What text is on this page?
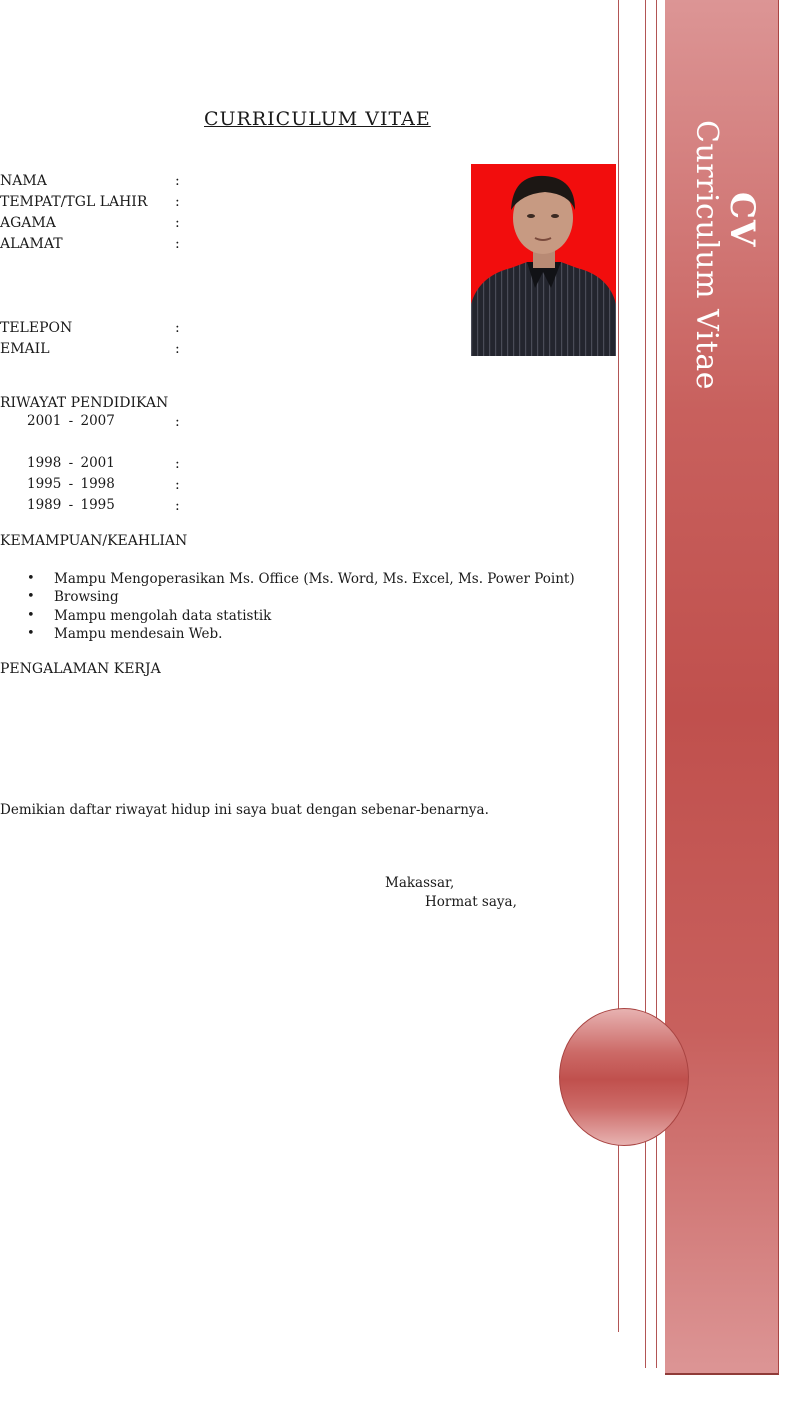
CURRICULUM VITAE
NAMA	:
TEMPAT/TGL LAHIR :
AGAMA	:
ALAMAT	:
TELEPON	:
EMAIL	:
RIWAYAT PENDIDIKAN
2001 - 2007	:
1998 - 2001	:
1995 - 1998	:
1989 - 1995	:
KEMAMPUAN/KEAHLIAN
• Mampu Mengoperasikan Ms. Office (Ms. Word, Ms. Excel, Ms. Power Point)
• Browsing
• Mampu mengolah data statistik
• Mampu mendesain Web.
PENGALAMAN KERJA
Demikian daftar riwayat hidup ini saya buat dengan sebenar-benarnya.
Makassar,
Hormat saya,
CV
Curriculum Vitae
